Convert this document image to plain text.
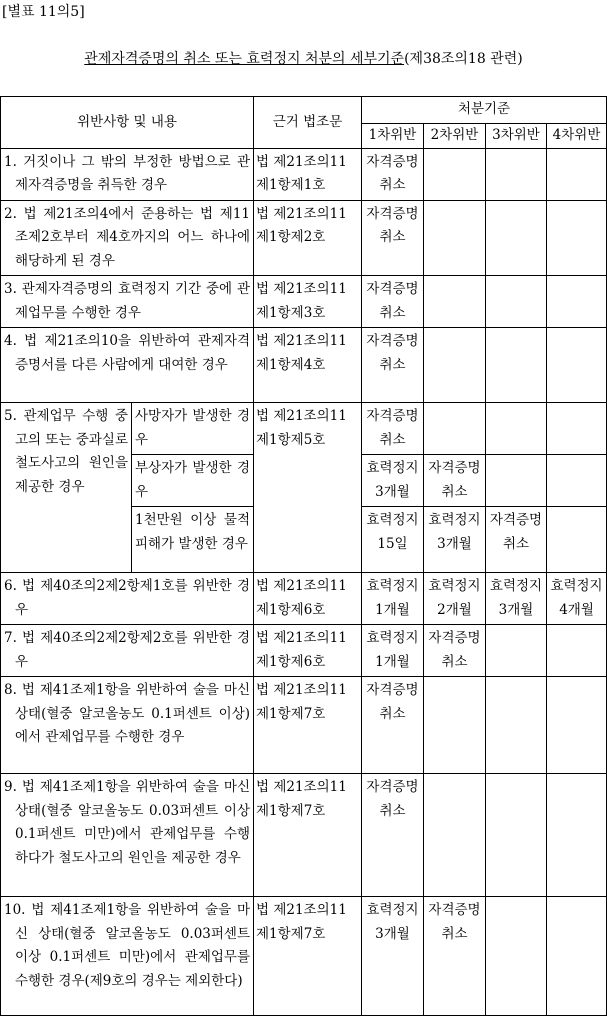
[별표 11의5]
관제자격증명의 취소 또는 효력정지 처분의 세부기준(제38조의18 관련)
위반사항 및 내용		근거 법조문	처분기준			
			1차위반	2차위반	3차위반	4차위반
1. 거짓이나 그 밖의 부정한 방법으로 관제자격증명을 취득한 경우		법 제21조의11 제1항제1호	자격증명 취소			
2. 법 제21조의4에서 준용하는 법 제11조제2호부터 제4호까지의 어느 하나에 해당하게 된 경우		법 제21조의11 제1항제2호	자격증명 취소			
3. 관제자격증명의 효력정지 기간 중에 관제업무를 수행한 경우		법 제21조의11 제1항제3호	자격증명 취소			
4. 법 제21조의10을 위반하여 관제자격증명서를 다른 사람에게 대여한 경우		법 제21조의11 제1항제4호	자격증명 취소			
5. 관제업무 수행 중 고의 또는 중과실로 철도사고의 원인을 제공한 경우	사망자가 발생한 경우	법 제21조의11 제1항제5호	자격증명 취소			
	부상자가 발생한 경우		효력정지 3개월	자격증명 취소		
	1천만원 이상 물적 피해가 발생한 경우		효력정지 15일	효력정지 3개월	자격증명 취소	
6. 법 제40조의2제2항제1호를 위반한 경우		법 제21조의11 제1항제6호	효력정지 1개월	효력정지 2개월	효력정지 3개월	효력정지 4개월
7. 법 제40조의2제2항제2호를 위반한 경우		법 제21조의11 제1항제6호	효력정지 1개월	자격증명 취소		
8. 법 제41조제1항을 위반하여 술을 마신 상태(혈중 알코올농도 0.1퍼센트 이상)에서 관제업무를 수행한 경우		법 제21조의11 제1항제7호	자격증명 취소			
9. 법 제41조제1항을 위반하여 술을 마신 상태(혈중 알코올농도 0.03퍼센트 이상 0.1퍼센트 미만)에서 관제업무를 수행하다가 철도사고의 원인을 제공한 경우		법 제21조의11 제1항제7호	자격증명 취소			
10. 법 제41조제1항을 위반하여 술을 마신 상태(혈중 알코올농도 0.03퍼센트 이상 0.1퍼센트 미만)에서 관제업무를 수행한 경우(제9호의 경우는 제외한다)		법 제21조의11 제1항제7호	효력정지 3개월	자격증명 취소		
